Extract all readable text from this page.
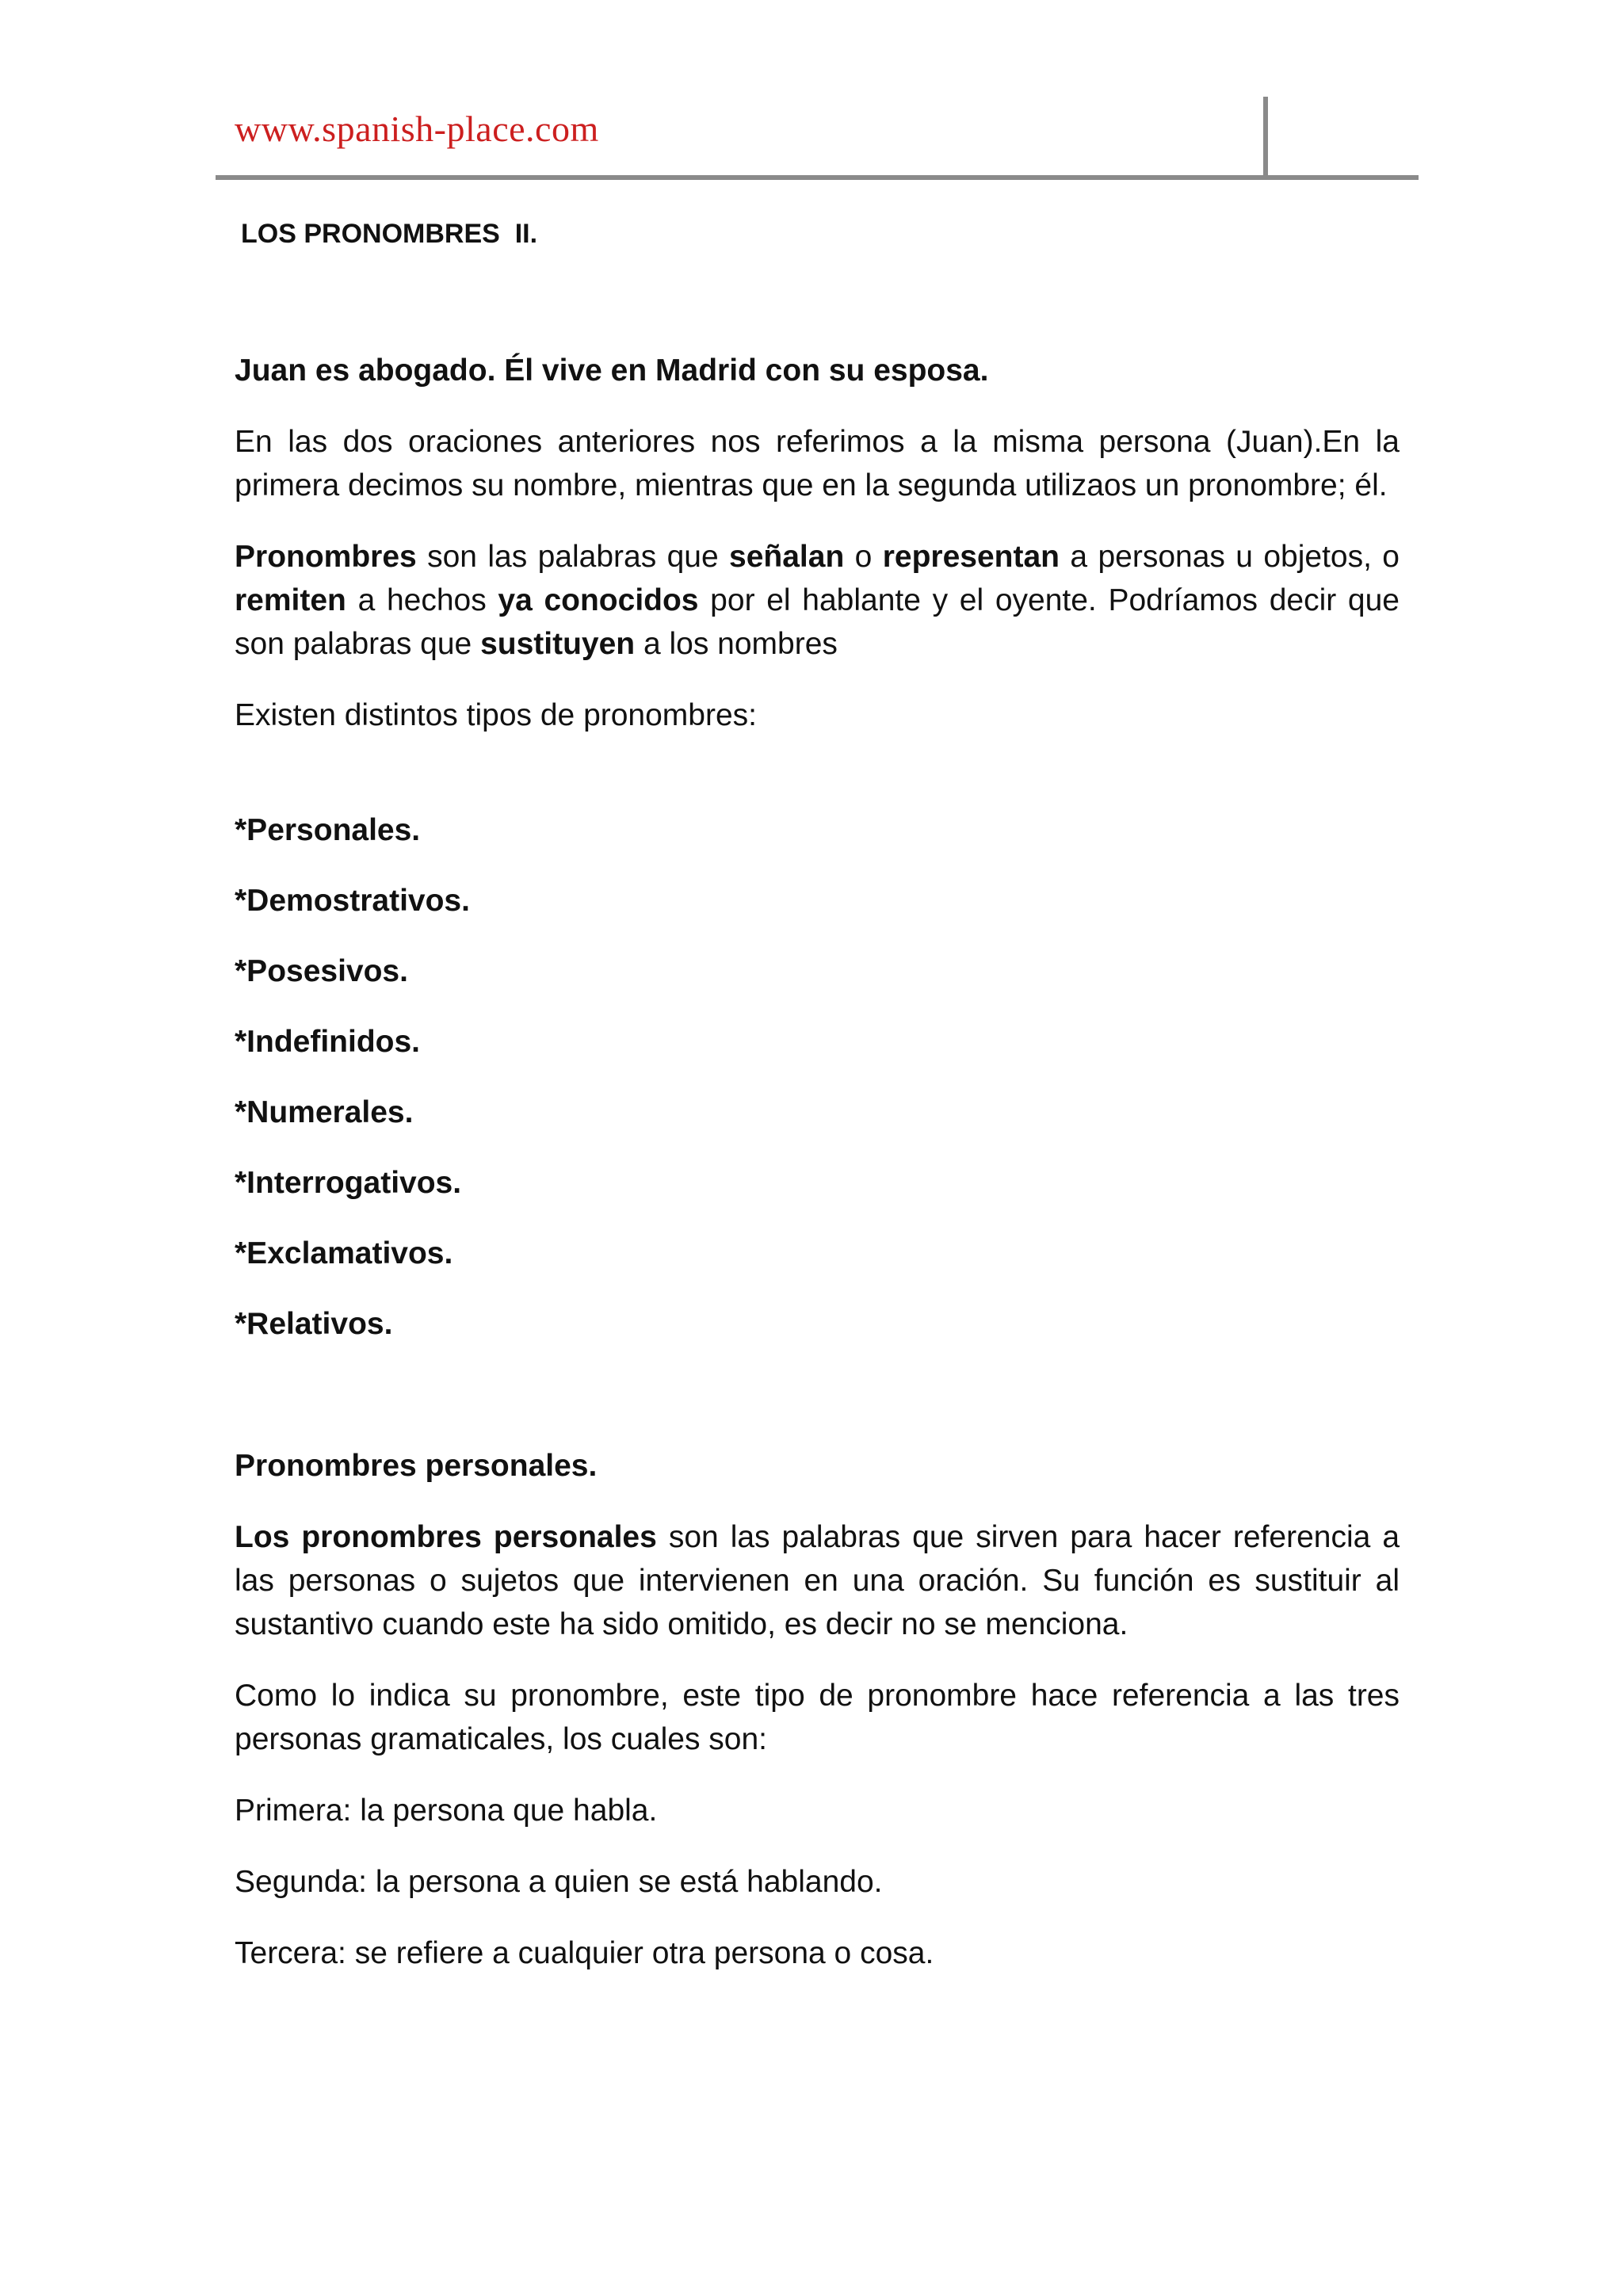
www.spanish-place.com
LOS PRONOMBRES  II.

Juan es abogado. Él vive en Madrid con su esposa.

En las dos oraciones anteriores nos referimos a la misma persona (Juan).En la primera decimos su nombre, mientras que en la segunda utilizaos un pronombre; él.

Pronombres son las palabras que señalan o representan a personas u objetos, o remiten a hechos ya conocidos por el hablante y el oyente. Podríamos decir que son palabras que sustituyen a los nombres

Existen distintos tipos de pronombres:

*Personales.

*Demostrativos.

*Posesivos.

*Indefinidos.

*Numerales.

*Interrogativos.

*Exclamativos.

*Relativos.

Pronombres personales.

Los pronombres personales son las palabras que sirven para hacer referencia a las personas o sujetos que intervienen en una oración. Su función es sustituir al sustantivo cuando este ha sido omitido, es decir no se menciona.

Como lo indica su pronombre, este tipo de pronombre hace referencia a las tres personas gramaticales, los cuales son:

Primera: la persona que habla.

Segunda: la persona a quien se está hablando.

Tercera: se refiere a cualquier otra persona o cosa.
